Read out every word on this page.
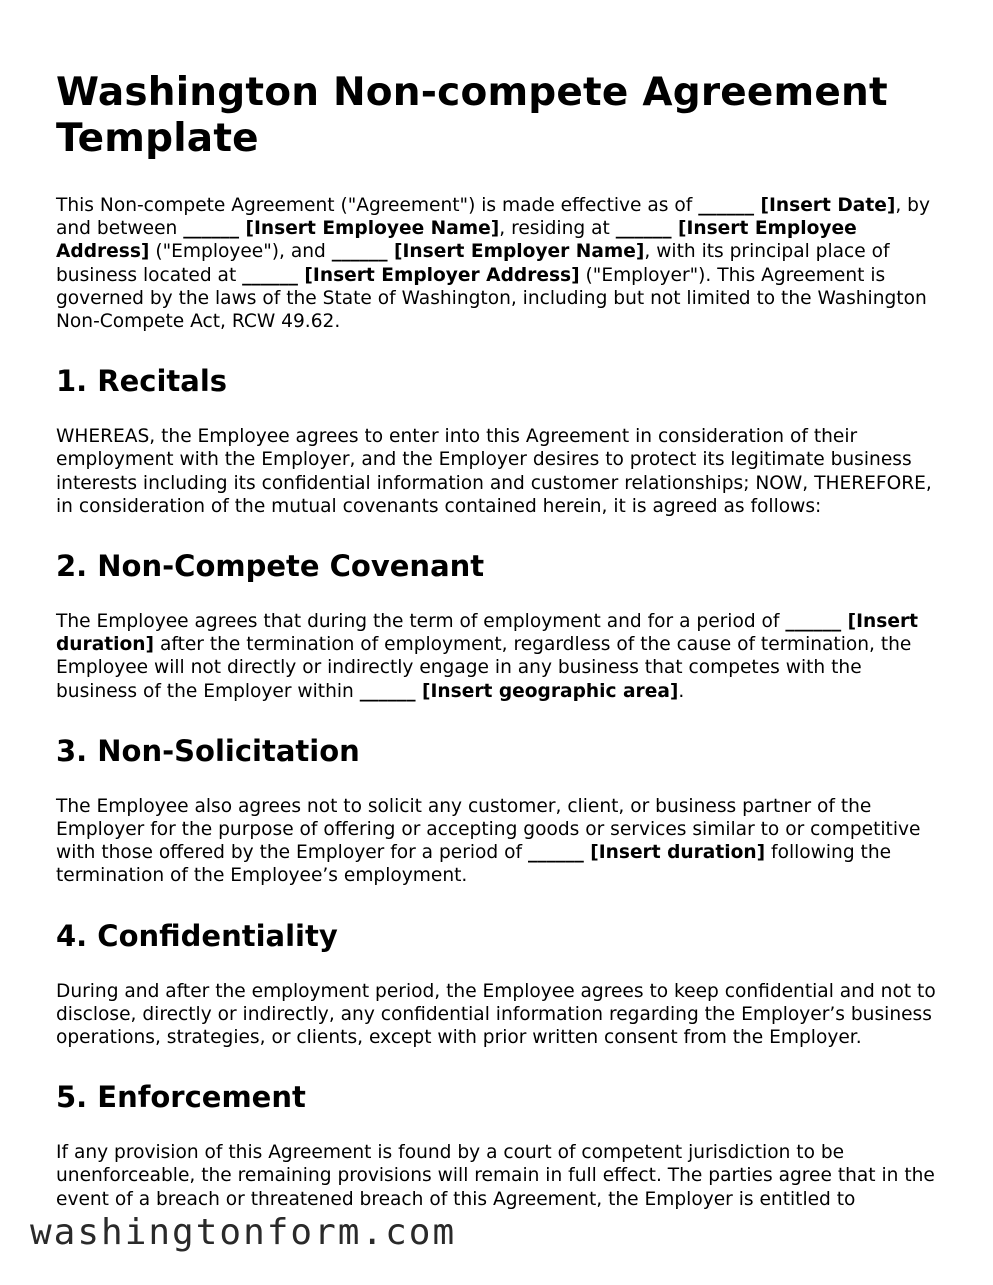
Washington Non-compete Agreement Template

This Non-compete Agreement ("Agreement") is made effective as of ______ [Insert Date], by and between ______ [Insert Employee Name], residing at ______ [Insert Employee Address] ("Employee"), and ______ [Insert Employer Name], with its principal place of business located at ______ [Insert Employer Address] ("Employer"). This Agreement is governed by the laws of the State of Washington, including but not limited to the Washington Non-Compete Act, RCW 49.62.

1. Recitals

WHEREAS, the Employee agrees to enter into this Agreement in consideration of their employment with the Employer, and the Employer desires to protect its legitimate business interests including its confidential information and customer relationships; NOW, THEREFORE, in consideration of the mutual covenants contained herein, it is agreed as follows:

2. Non-Compete Covenant

The Employee agrees that during the term of employment and for a period of ______ [Insert duration] after the termination of employment, regardless of the cause of termination, the Employee will not directly or indirectly engage in any business that competes with the business of the Employer within ______ [Insert geographic area].

3. Non-Solicitation

The Employee also agrees not to solicit any customer, client, or business partner of the Employer for the purpose of offering or accepting goods or services similar to or competitive with those offered by the Employer for a period of ______ [Insert duration] following the termination of the Employee’s employment.

4. Confidentiality

During and after the employment period, the Employee agrees to keep confidential and not to disclose, directly or indirectly, any confidential information regarding the Employer’s business operations, strategies, or clients, except with prior written consent from the Employer.

5. Enforcement

If any provision of this Agreement is found by a court of competent jurisdiction to be unenforceable, the remaining provisions will remain in full effect. The parties agree that in the event of a breach or threatened breach of this Agreement, the Employer is entitled to

washingtonform.com
